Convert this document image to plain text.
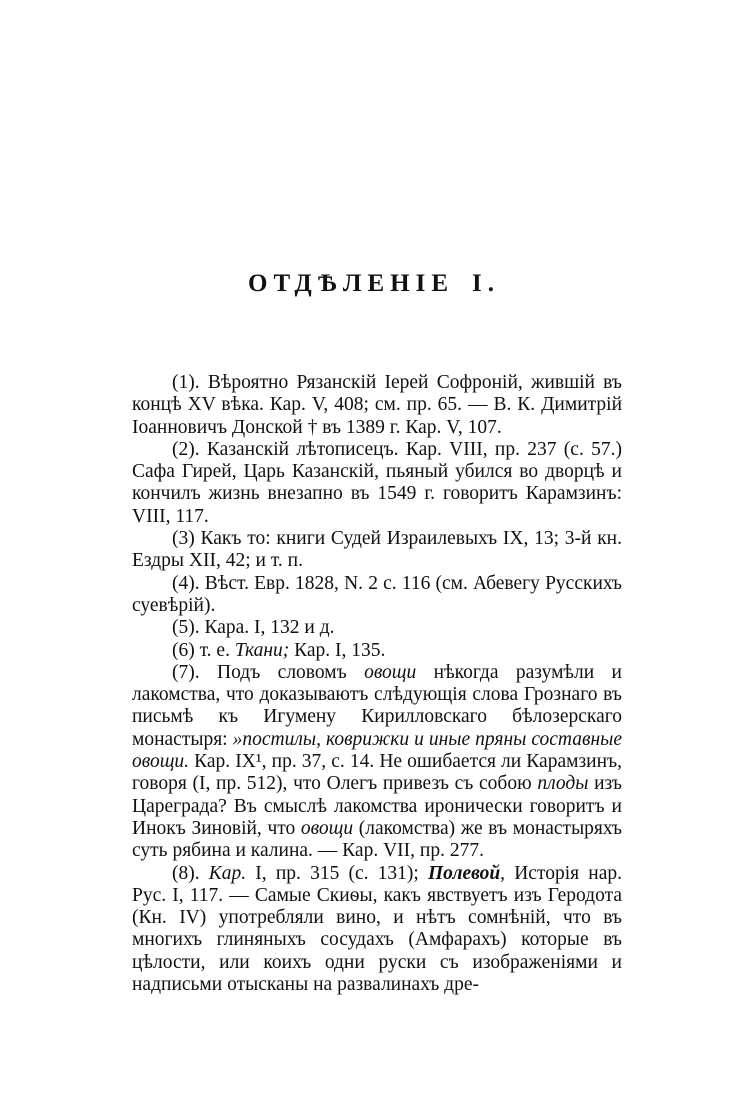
ОТДѢЛЕНІЕ I.

(1). Вѣроятно Рязанскій Іерей Софроній, жившій въ концѣ XV вѣка. Кар. V, 408; см. пр. 65. — В. К. Димитрій Іоанновичъ Донской † въ 1389 г. Кар. V, 107.

(2). Казанскій лѣтописецъ. Кар. VIII, пр. 237 (с. 57.) Сафа Гирей, Царь Казанскій, пьяный убился во дворцѣ и кончилъ жизнь внезапно въ 1549 г. говоритъ Карамзинъ: VIII, 117.

(3) Какъ то: книги Судей Израилевыхъ IX, 13; 3-й кн. Ездры XII, 42; и т. п.

(4). Вѣст. Евр. 1828, N. 2 с. 116 (см. Абевегу Русскихъ суевѣрій).

(5). Кара. I, 132 и д.

(6) т. е. Ткани; Кар. I, 135.

(7). Подъ словомъ овощи нѣкогда разумѣли и лакомства, что доказываютъ слѣдующія слова Грознаго въ письмѣ къ Игумену Кирилловскаго бѣлозерскаго монастыря: »постилы, коврижки и иные пряны составные овощи. Кар. IX¹, пр. 37, с. 14. Не ошибается ли Карамзинъ, говоря (I, пр. 512), что Олегъ привезъ съ собою плоды изъ Цареграда? Въ смыслѣ лакомства иронически говоритъ и Инокъ Зиновій, что овощи (лакомства) же въ монастыряхъ суть рябина и калина. — Кар. VII, пр. 277.

(8). Кар. I, пр. 315 (с. 131); Полевой, Исторія нар. Рус. I, 117. — Самые Скиѳы, какъ явствуетъ изъ Геродота (Кн. IV) употребляли вино, и нѣтъ сомнѣній, что въ многихъ глиняныхъ сосудахъ (Амфарахъ) которые въ цѣлости, или коихъ одни руски съ изображеніями и надписьми отысканы на развалинахъ дре-
